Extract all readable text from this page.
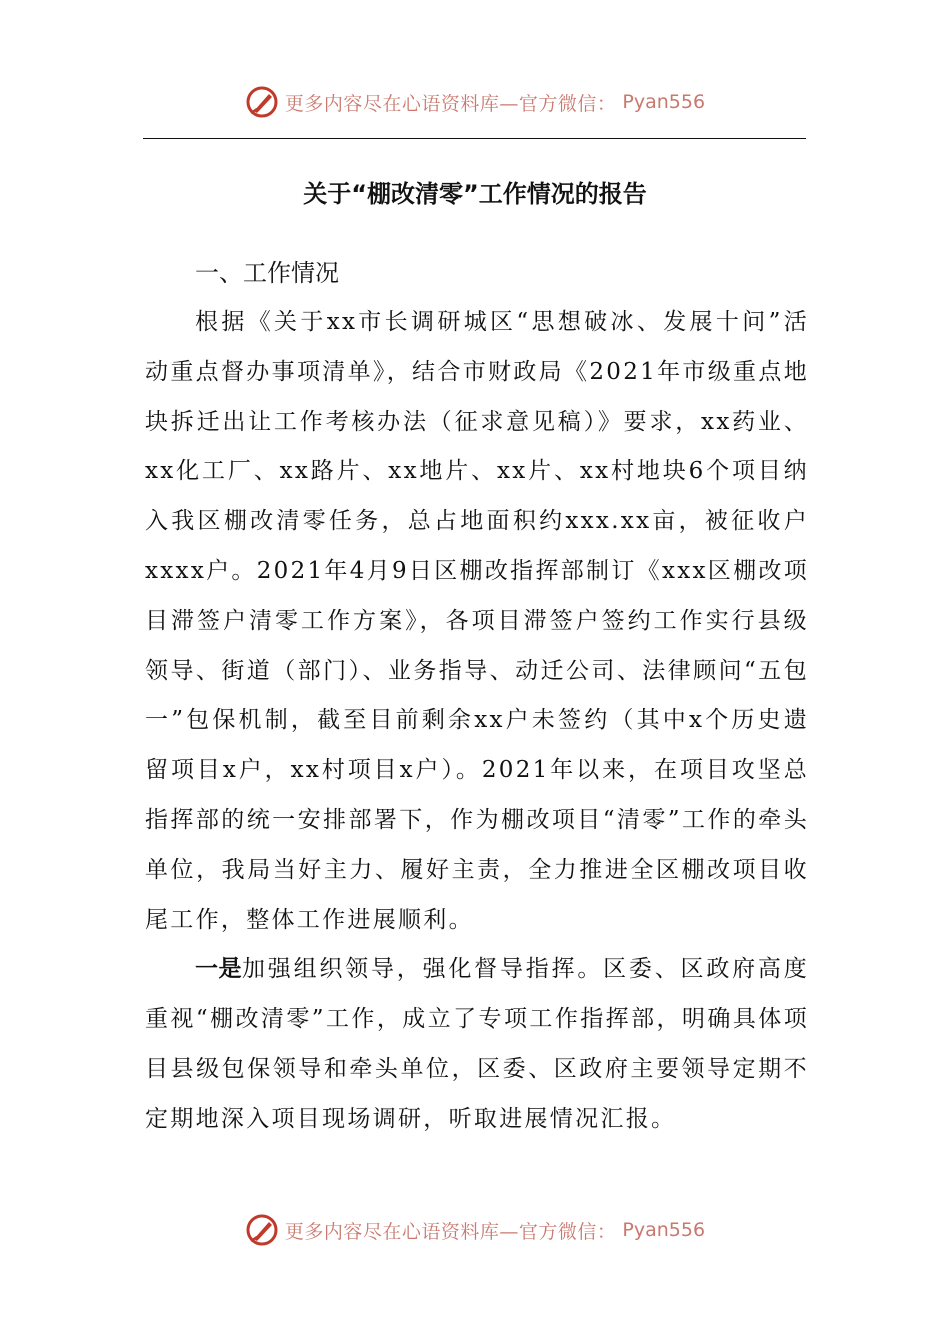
更多内容尽在心语资料库—官方微信： Pyan556
关于“棚改清零”工作情况的报告
一、工作情况

根据《关于xx市长调研城区“思想破冰、发展十问”活动重点督办事项清单》，结合市财政局《2021年市级重点地块拆迁出让工作考核办法（征求意见稿）》要求，xx药业、xx化工厂、xx路片、xx地片、xx片、xx村地块6个项目纳入我区棚改清零任务，总占地面积约xxx.xx亩，被征收户xxxx户。2021年4月9日区棚改指挥部制订《xxx区棚改项目滞签户清零工作方案》，各项目滞签户签约工作实行县级领导、街道（部门）、业务指导、动迁公司、法律顾问“五包一”包保机制，截至目前剩余xx户未签约（其中x个历史遗留项目x户，xx村项目x户）。2021年以来，在项目攻坚总指挥部的统一安排部署下，作为棚改项目“清零”工作的牵头单位，我局当好主力、履好主责，全力推进全区棚改项目收尾工作，整体工作进展顺利。

一是加强组织领导，强化督导指挥。区委、区政府高度重视“棚改清零”工作，成立了专项工作指挥部，明确具体项目县级包保领导和牵头单位，区委、区政府主要领导定期不定期地深入项目现场调研，听取进展情况汇报。

更多内容尽在心语资料库—官方微信： Pyan556
